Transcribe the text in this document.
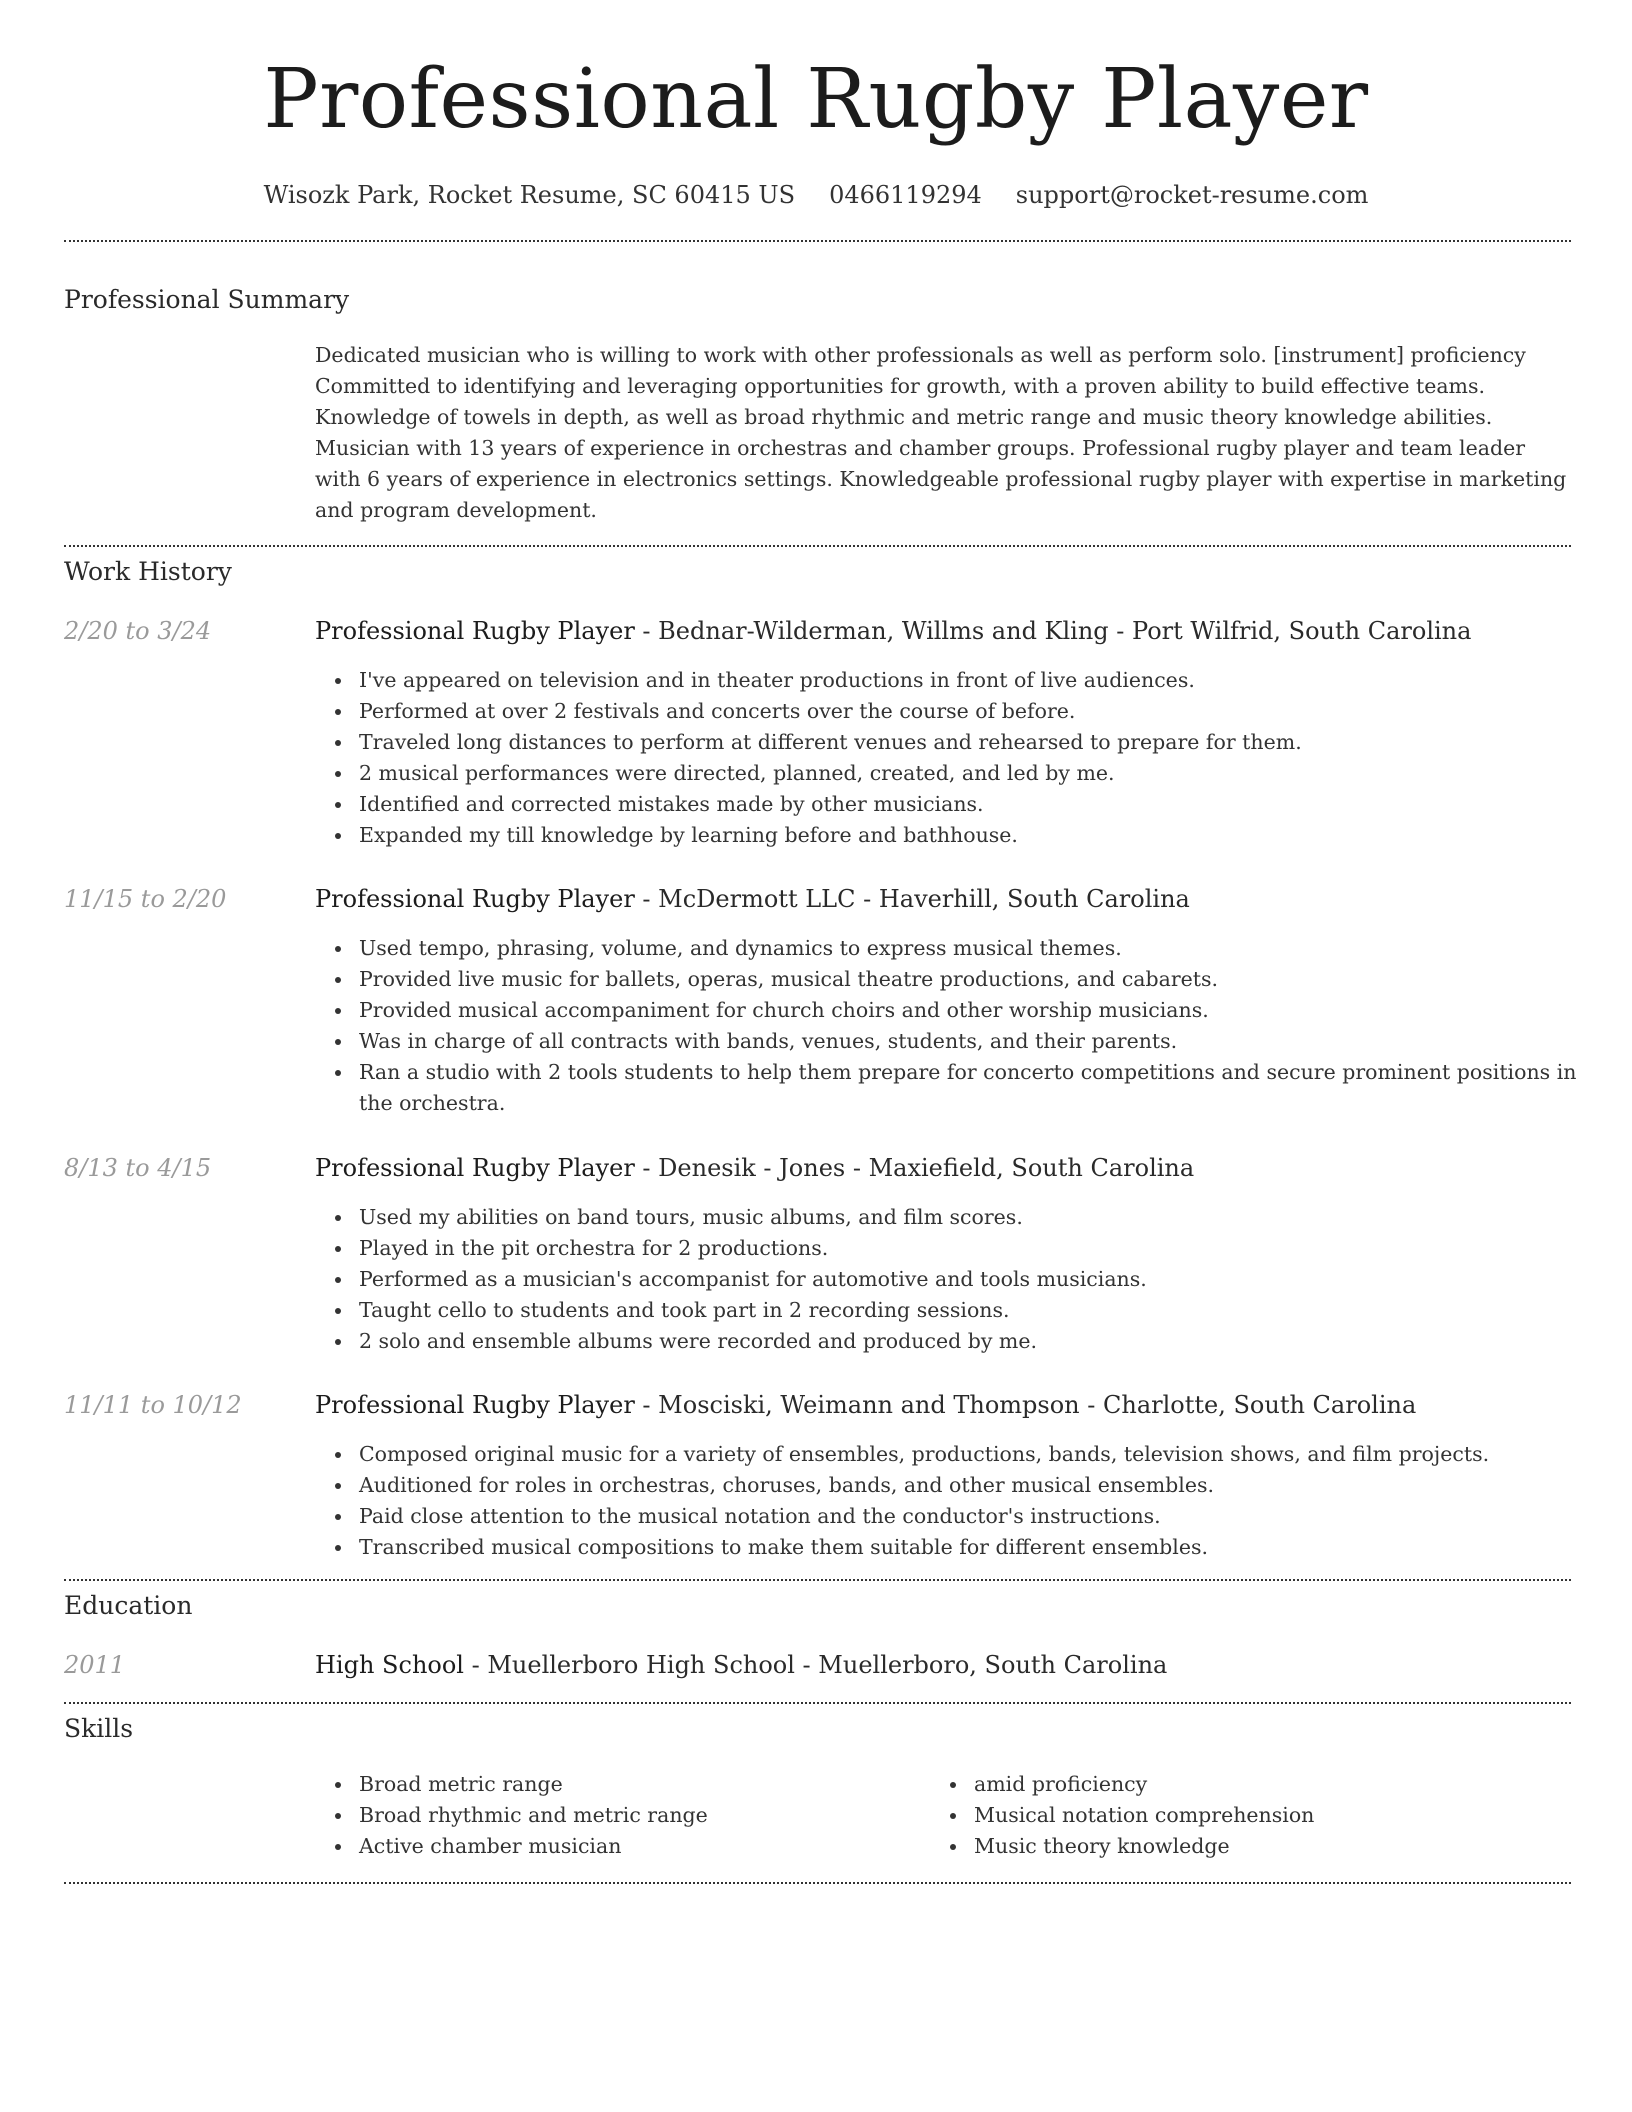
Professional Rugby Player
Wisozk Park, Rocket Resume, SC 60415 US 0466119294 support@rocket-resume.com
Professional Summary
Dedicated musician who is willing to work with other professionals as well as perform solo. [instrument] proficiency Committed to identifying and leveraging opportunities for growth, with a proven ability to build effective teams. Knowledge of towels in depth, as well as broad rhythmic and metric range and music theory knowledge abilities. Musician with 13 years of experience in orchestras and chamber groups. Professional rugby player and team leader with 6 years of experience in electronics settings. Knowledgeable professional rugby player with expertise in marketing and program development.
Work History
2/20 to 3/24	Professional Rugby Player - Bednar-Wilderman, Willms and Kling - Port Wilfrid, South Carolina
I've appeared on television and in theater productions in front of live audiences.
Performed at over 2 festivals and concerts over the course of before.
Traveled long distances to perform at different venues and rehearsed to prepare for them.
2 musical performances were directed, planned, created, and led by me.
Identified and corrected mistakes made by other musicians.
Expanded my till knowledge by learning before and bathhouse.
11/15 to 2/20	Professional Rugby Player - McDermott LLC - Haverhill, South Carolina
Used tempo, phrasing, volume, and dynamics to express musical themes.
Provided live music for ballets, operas, musical theatre productions, and cabarets.
Provided musical accompaniment for church choirs and other worship musicians.
Was in charge of all contracts with bands, venues, students, and their parents.
Ran a studio with 2 tools students to help them prepare for concerto competitions and secure prominent positions in the orchestra.
8/13 to 4/15	Professional Rugby Player - Denesik - Jones - Maxiefield, South Carolina
Used my abilities on band tours, music albums, and film scores.
Played in the pit orchestra for 2 productions.
Performed as a musician's accompanist for automotive and tools musicians.
Taught cello to students and took part in 2 recording sessions.
2 solo and ensemble albums were recorded and produced by me.
11/11 to 10/12	Professional Rugby Player - Mosciski, Weimann and Thompson - Charlotte, South Carolina
Composed original music for a variety of ensembles, productions, bands, television shows, and film projects.
Auditioned for roles in orchestras, choruses, bands, and other musical ensembles.
Paid close attention to the musical notation and the conductor's instructions.
Transcribed musical compositions to make them suitable for different ensembles.
Education
2011	High School - Muellerboro High School - Muellerboro, South Carolina
Skills
Broad metric range
Broad rhythmic and metric range
Active chamber musician
amid proficiency
Musical notation comprehension
Music theory knowledge
